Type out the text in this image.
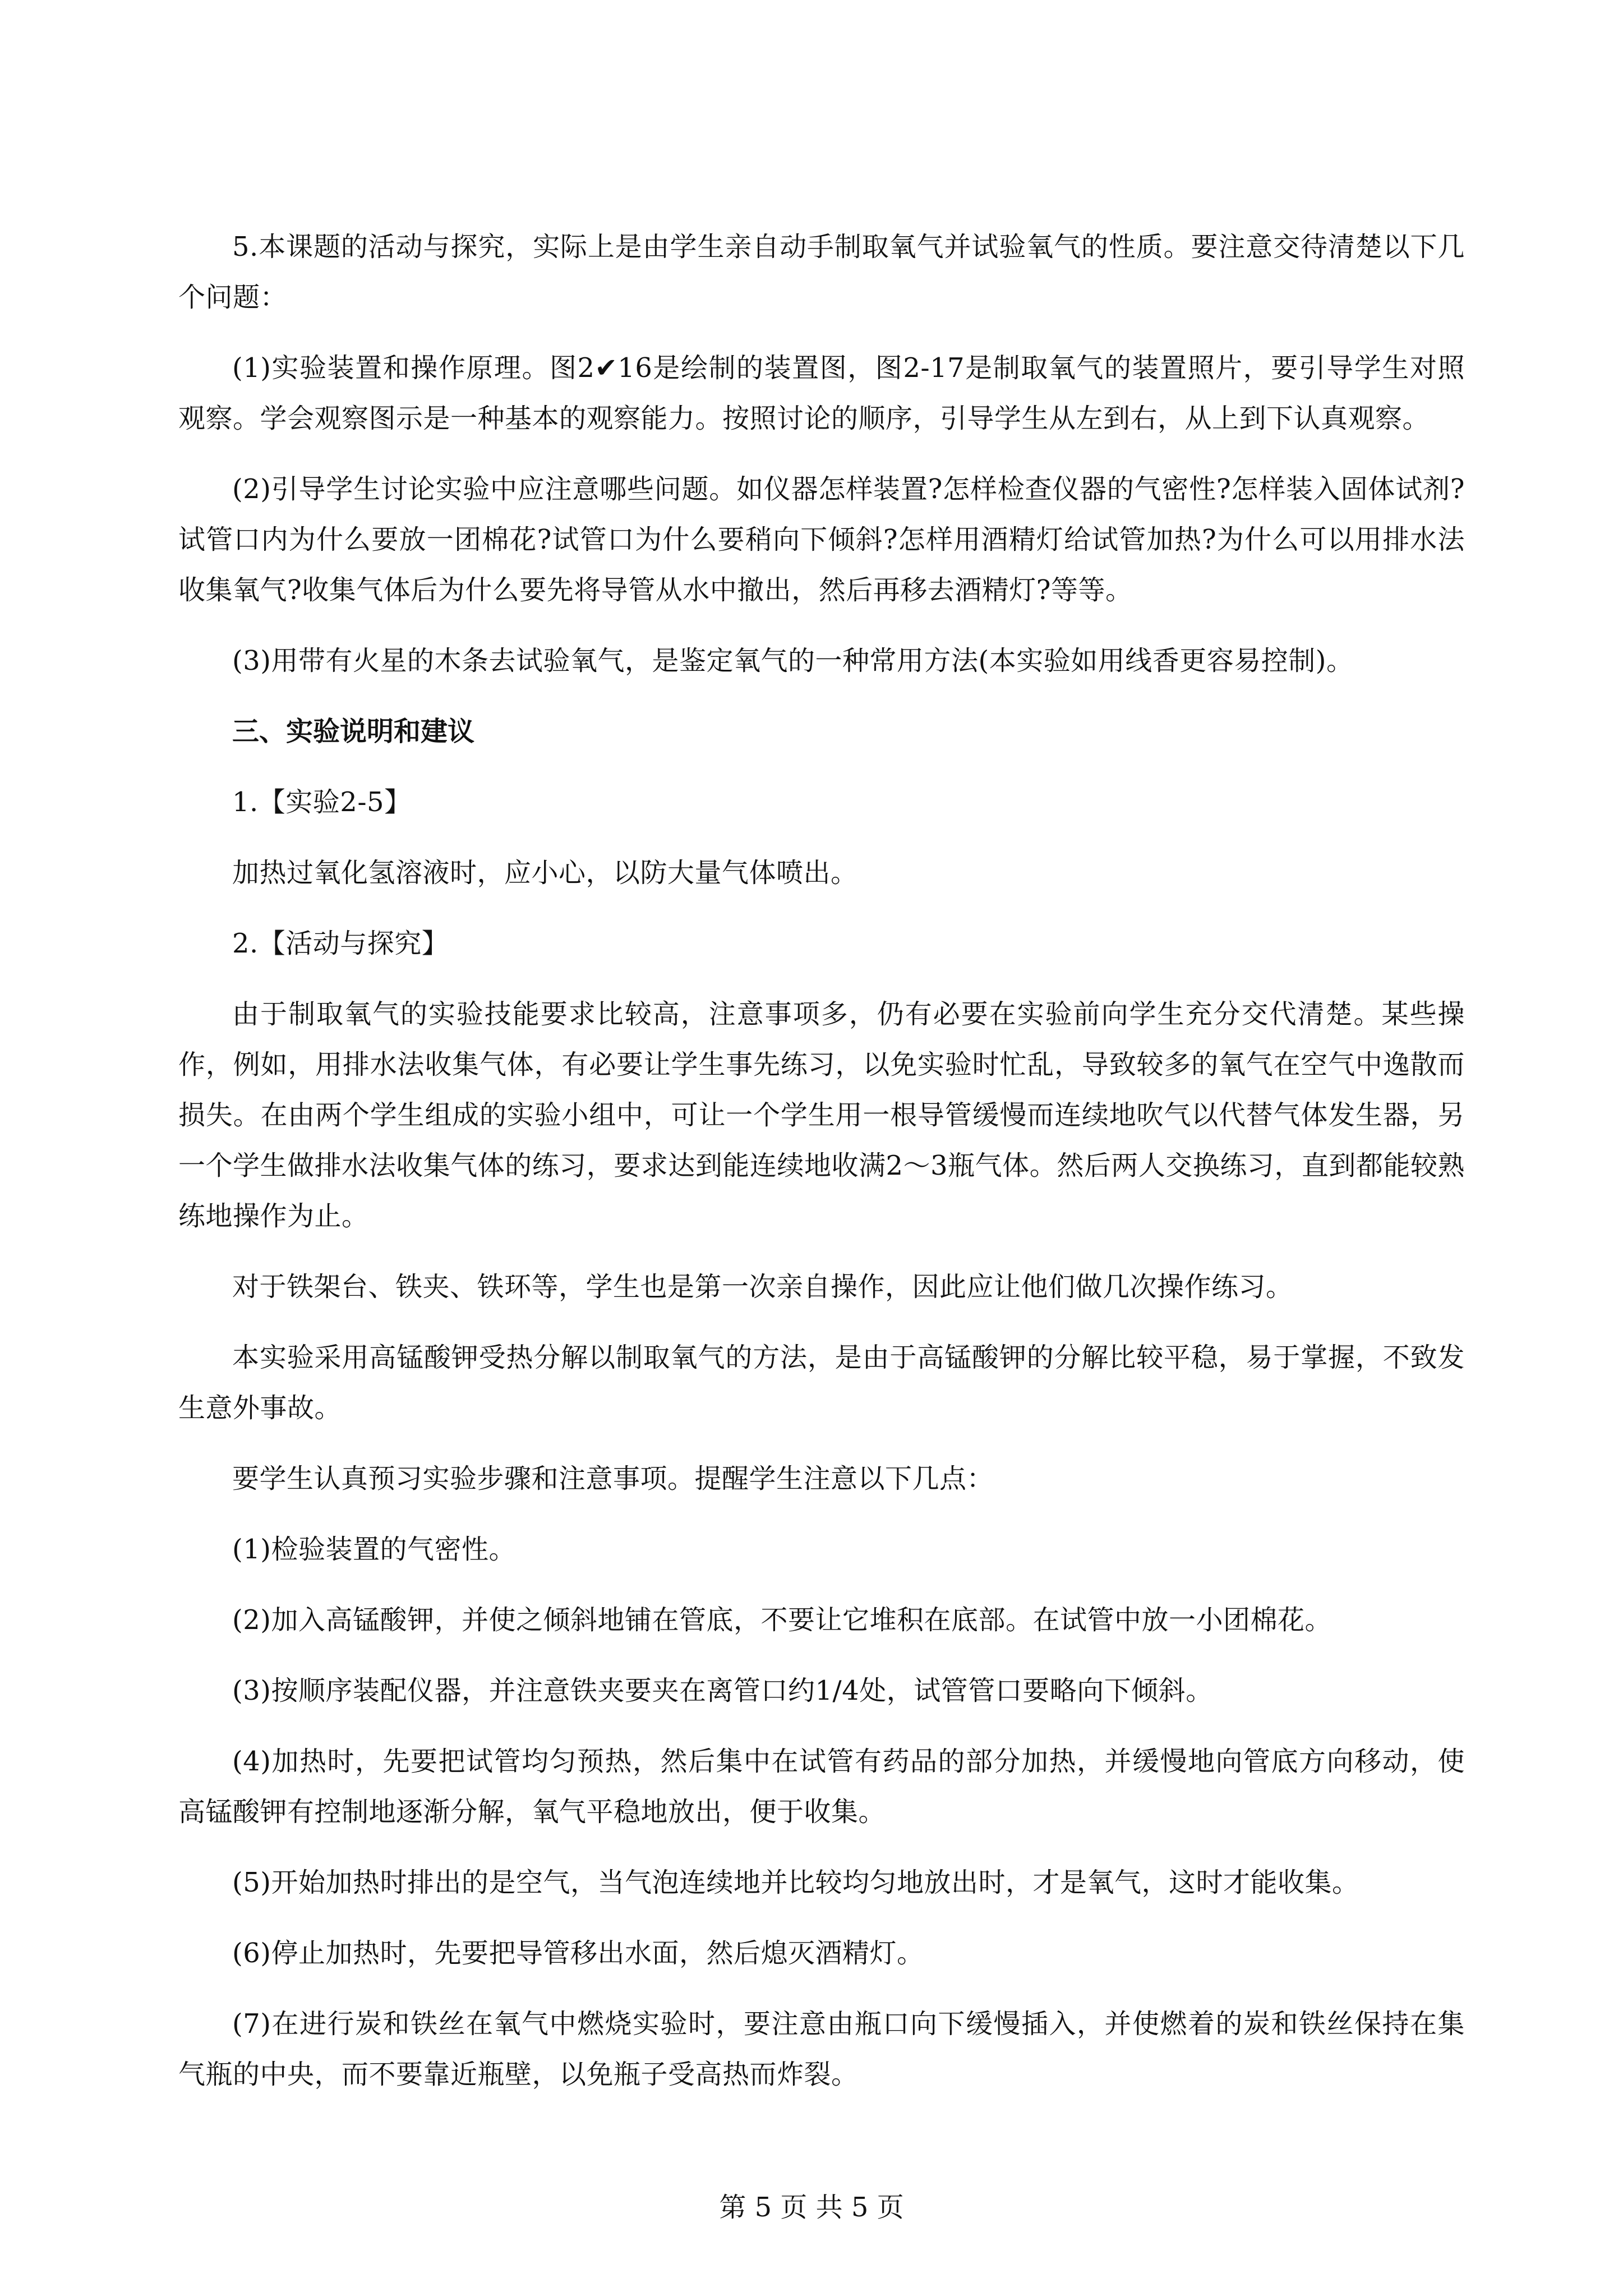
5.本课题的活动与探究，实际上是由学生亲自动手制取氧气并试验氧气的性质。要注意交待清楚以下几个问题：

(1)实验装置和操作原理。图2✔16是绘制的装置图，图2-17是制取氧气的装置照片，要引导学生对照观察。学会观察图示是一种基本的观察能力。按照讨论的顺序，引导学生从左到右，从上到下认真观察。

(2)引导学生讨论实验中应注意哪些问题。如仪器怎样装置?怎样检查仪器的气密性?怎样装入固体试剂?试管口内为什么要放一团棉花?试管口为什么要稍向下倾斜?怎样用酒精灯给试管加热?为什么可以用排水法收集氧气?收集气体后为什么要先将导管从水中撤出，然后再移去酒精灯?等等。

(3)用带有火星的木条去试验氧气，是鉴定氧气的一种常用方法(本实验如用线香更容易控制)。

三、实验说明和建议

1.【实验2-5】

加热过氧化氢溶液时，应小心，以防大量气体喷出。

2.【活动与探究】

由于制取氧气的实验技能要求比较高，注意事项多，仍有必要在实验前向学生充分交代清楚。某些操作，例如，用排水法收集气体，有必要让学生事先练习，以免实验时忙乱，导致较多的氧气在空气中逸散而损失。在由两个学生组成的实验小组中，可让一个学生用一根导管缓慢而连续地吹气以代替气体发生器，另一个学生做排水法收集气体的练习，要求达到能连续地收满2～3瓶气体。然后两人交换练习，直到都能较熟练地操作为止。

对于铁架台、铁夹、铁环等，学生也是第一次亲自操作，因此应让他们做几次操作练习。

本实验采用高锰酸钾受热分解以制取氧气的方法，是由于高锰酸钾的分解比较平稳，易于掌握，不致发生意外事故。

要学生认真预习实验步骤和注意事项。提醒学生注意以下几点：

(1)检验装置的气密性。

(2)加入高锰酸钾，并使之倾斜地铺在管底，不要让它堆积在底部。在试管中放一小团棉花。

(3)按顺序装配仪器，并注意铁夹要夹在离管口约1/4处，试管管口要略向下倾斜。

(4)加热时，先要把试管均匀预热，然后集中在试管有药品的部分加热，并缓慢地向管底方向移动，使高锰酸钾有控制地逐渐分解，氧气平稳地放出，便于收集。

(5)开始加热时排出的是空气，当气泡连续地并比较均匀地放出时，才是氧气，这时才能收集。

(6)停止加热时，先要把导管移出水面，然后熄灭酒精灯。

(7)在进行炭和铁丝在氧气中燃烧实验时，要注意由瓶口向下缓慢插入，并使燃着的炭和铁丝保持在集气瓶的中央，而不要靠近瓶壁，以免瓶子受高热而炸裂。

第 5 页 共 5 页
